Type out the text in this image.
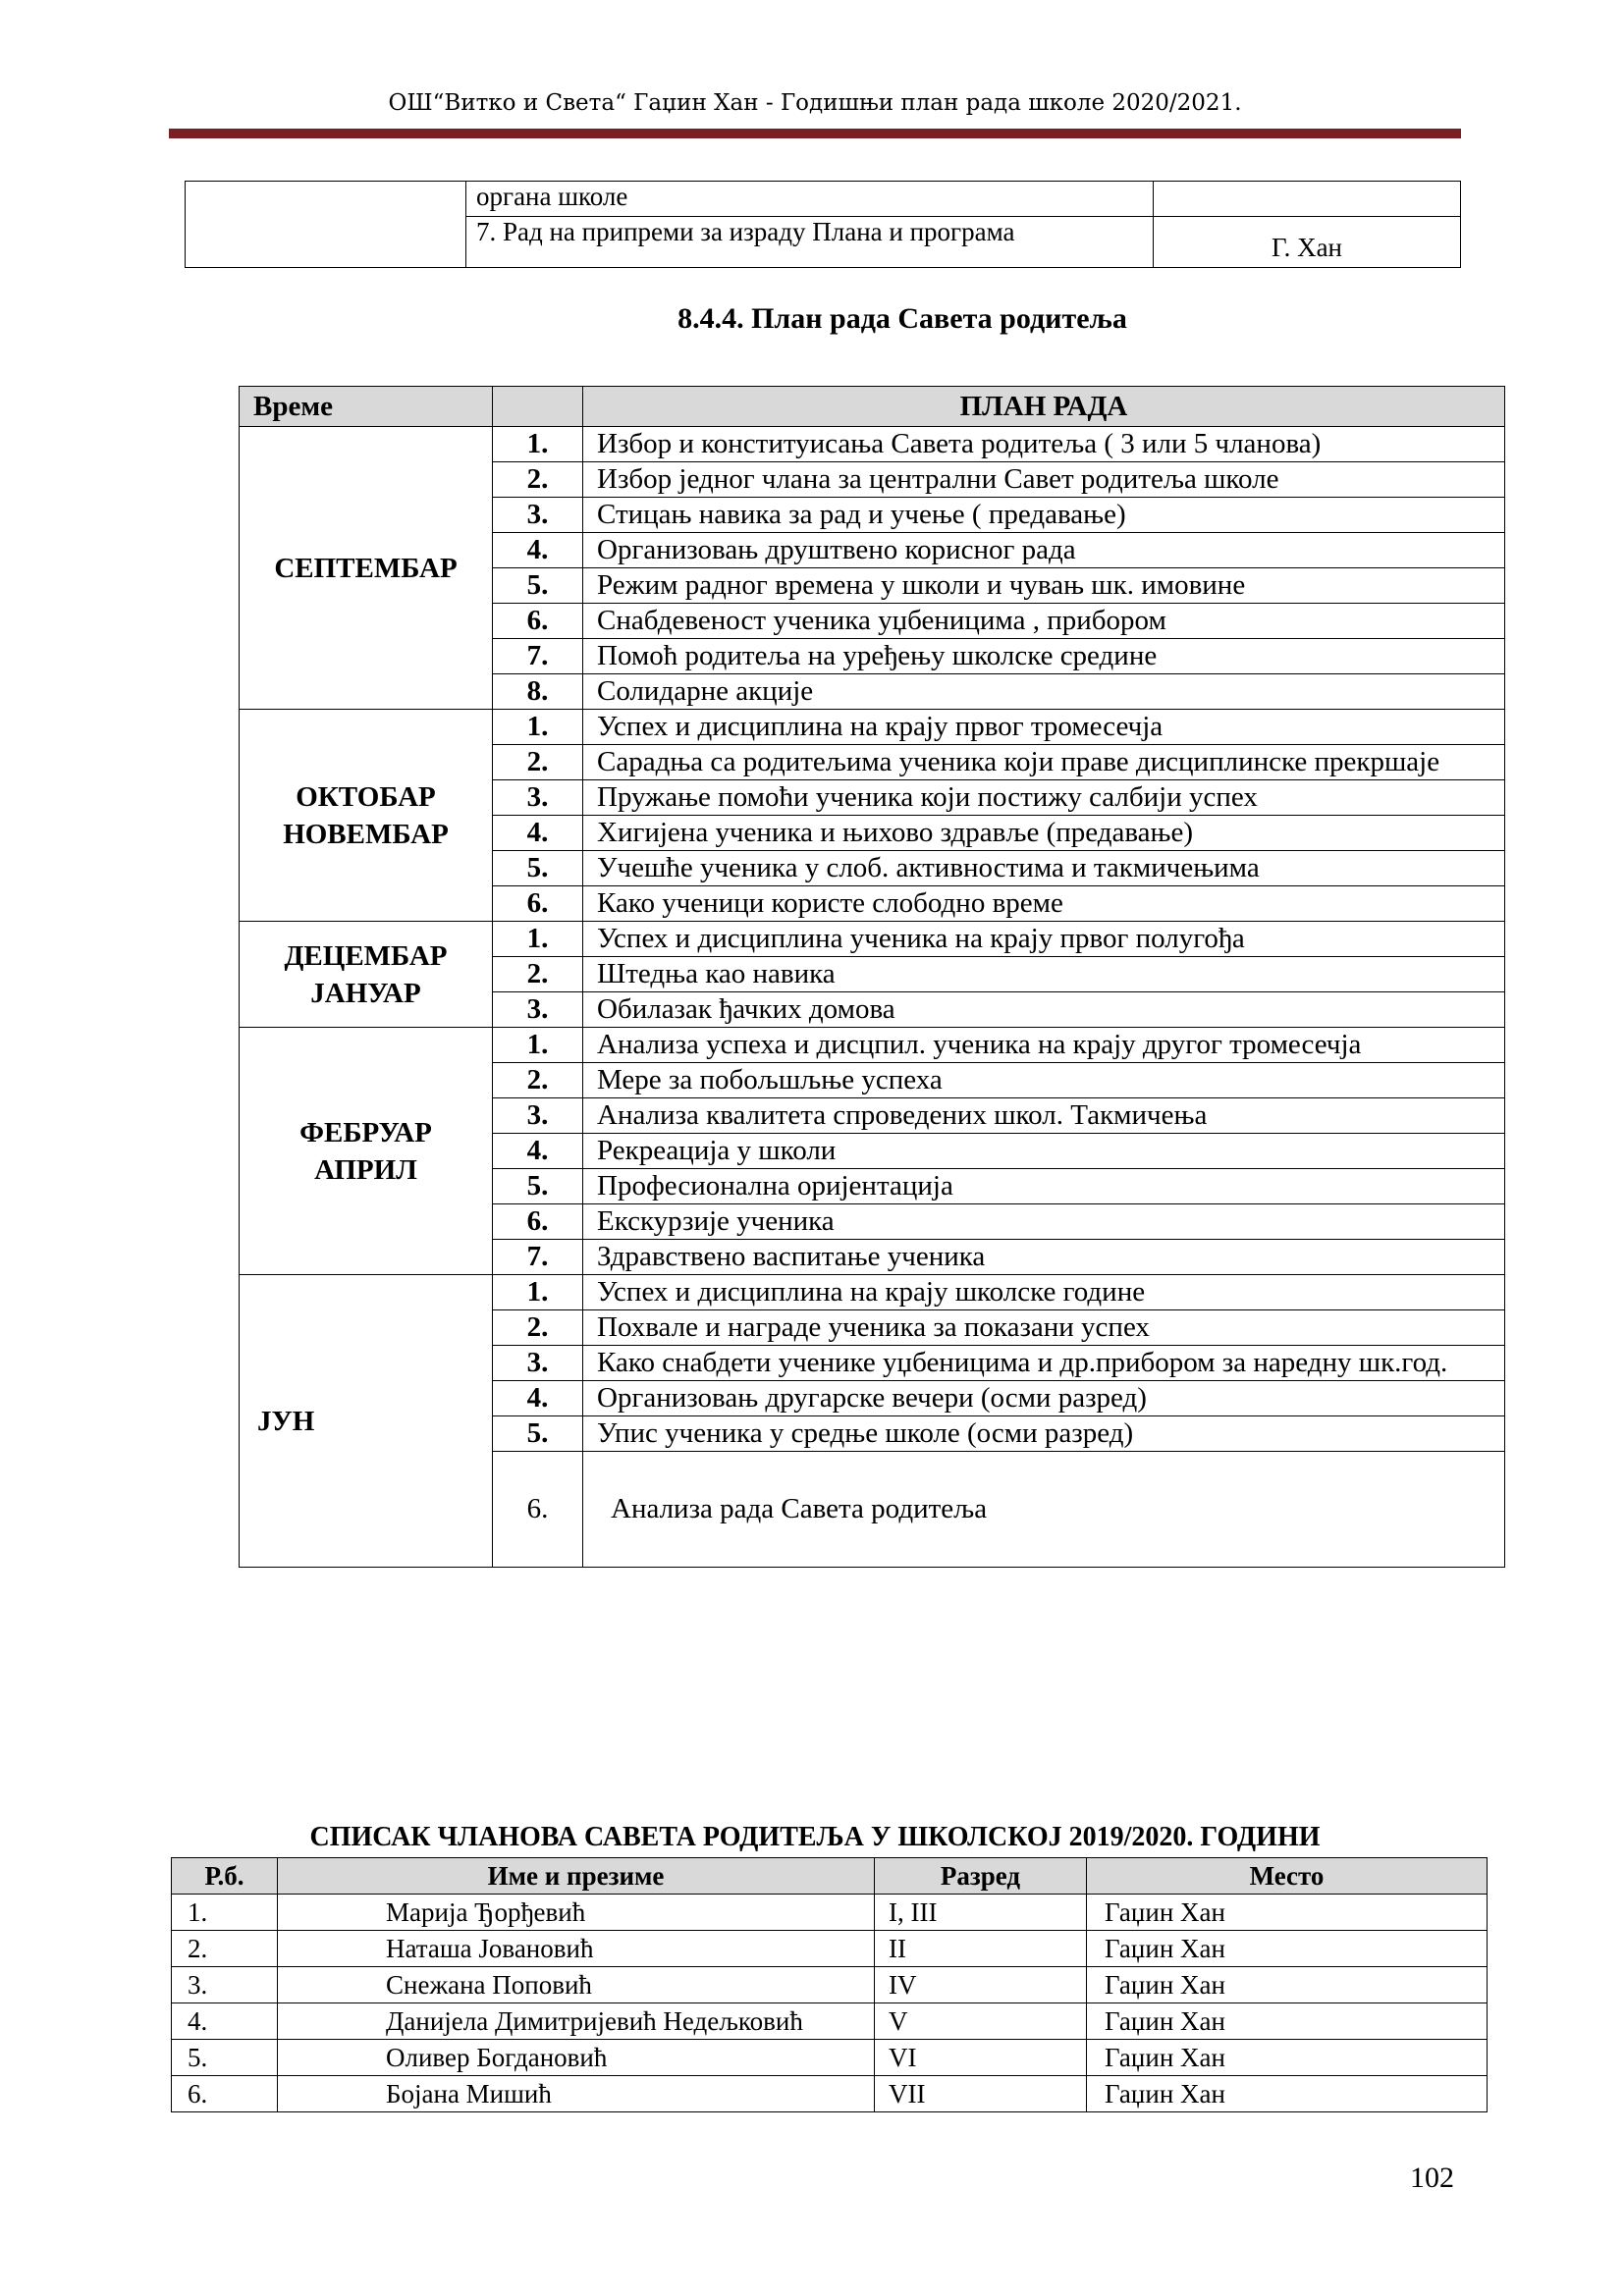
ОШ“Витко и Света“ Гаџин Хан - Годишњи план рада школе 2020/2021.
	органа школе	
	7. Рад на припреми за израду Плана и програма	Г. Хан
8.4.4. План рада Савета родитеља
Време		ПЛАН РАДА
СЕПТЕМБАР	1.	Избор и конституисања Савета родитеља ( 3 или 5 чланова)
	2.	Избор једног члана за централни Савет родитеља школе
	3.	Стицањ навика за рад и учење ( предавање)
	4.	Организовањ друштвено корисног рада
	5.	Режим радног времена у школи и чувањ шк. имовине
	6.	Снабдевеност ученика уџбеницима , прибором
	7.	Помоћ родитеља на уређењу школске средине
	8.	Солидарне акције

ОКТОБАР
НОВЕМБАР	1.	Успех и дисциплина на крају првог тромесечја
	2.	Сарадња са родитељима ученика који праве дисциплинске прекршаје
	3.	Пружање помоћи ученика који постижу салбији успех
	4.	Хигијена ученика и њихово здравље (предавање)
	5.	Учешће ученика у слоб. активностима и такмичењима
	6.	Како ученици користе слободно време

ДЕЦЕМБАР
ЈАНУАР	1.	Успех и дисциплина ученика на крају првог полугођа
	2.	Штедња као навика
	3.	Обилазак ђачких домова

ФЕБРУАР
АПРИЛ	1.	Анализа успеха и дисцпил. ученика на крају другог тромесечја
	2.	Мере за побољшљње успеха
	3.	Анализа квалитета спроведених школ. Такмичења
	4.	Рекреација у школи
	5.	Професионална оријентација
	6.	Екскурзије ученика
	7.	Здравствено васпитање ученика
ЈУН	1.	Успех и дисциплина на крају школске године
	2.	Похвале и награде ученика за показани успех
	3.	Како снабдети ученике уџбеницима и др.прибором за наредну шк.год.
	4.	Организовањ другарске вечери (осми разред)
	5.	Упис ученика у средње школе (осми разред)
	6.	Анализа рада Савета родитеља
СПИСАК ЧЛАНОВА САВЕТА РОДИТЕЉА У ШКОЛСКОЈ 2019/2020. ГОДИНИ
Р.б.	Име и презиме	Разред	Место
1.	Марија Ђорђевић	I, III	Гаџин Хан
2.	Наташа Јовановић	II	Гаџин Хан
3.	Снежана Поповић	IV	Гаџин Хан
4.	Данијела Димитријевић Недељковић	V	Гаџин Хан
5.	Оливер Богдановић	VI	Гаџин Хан
6.	Бојана Мишић	VII	Гаџин Хан
102
